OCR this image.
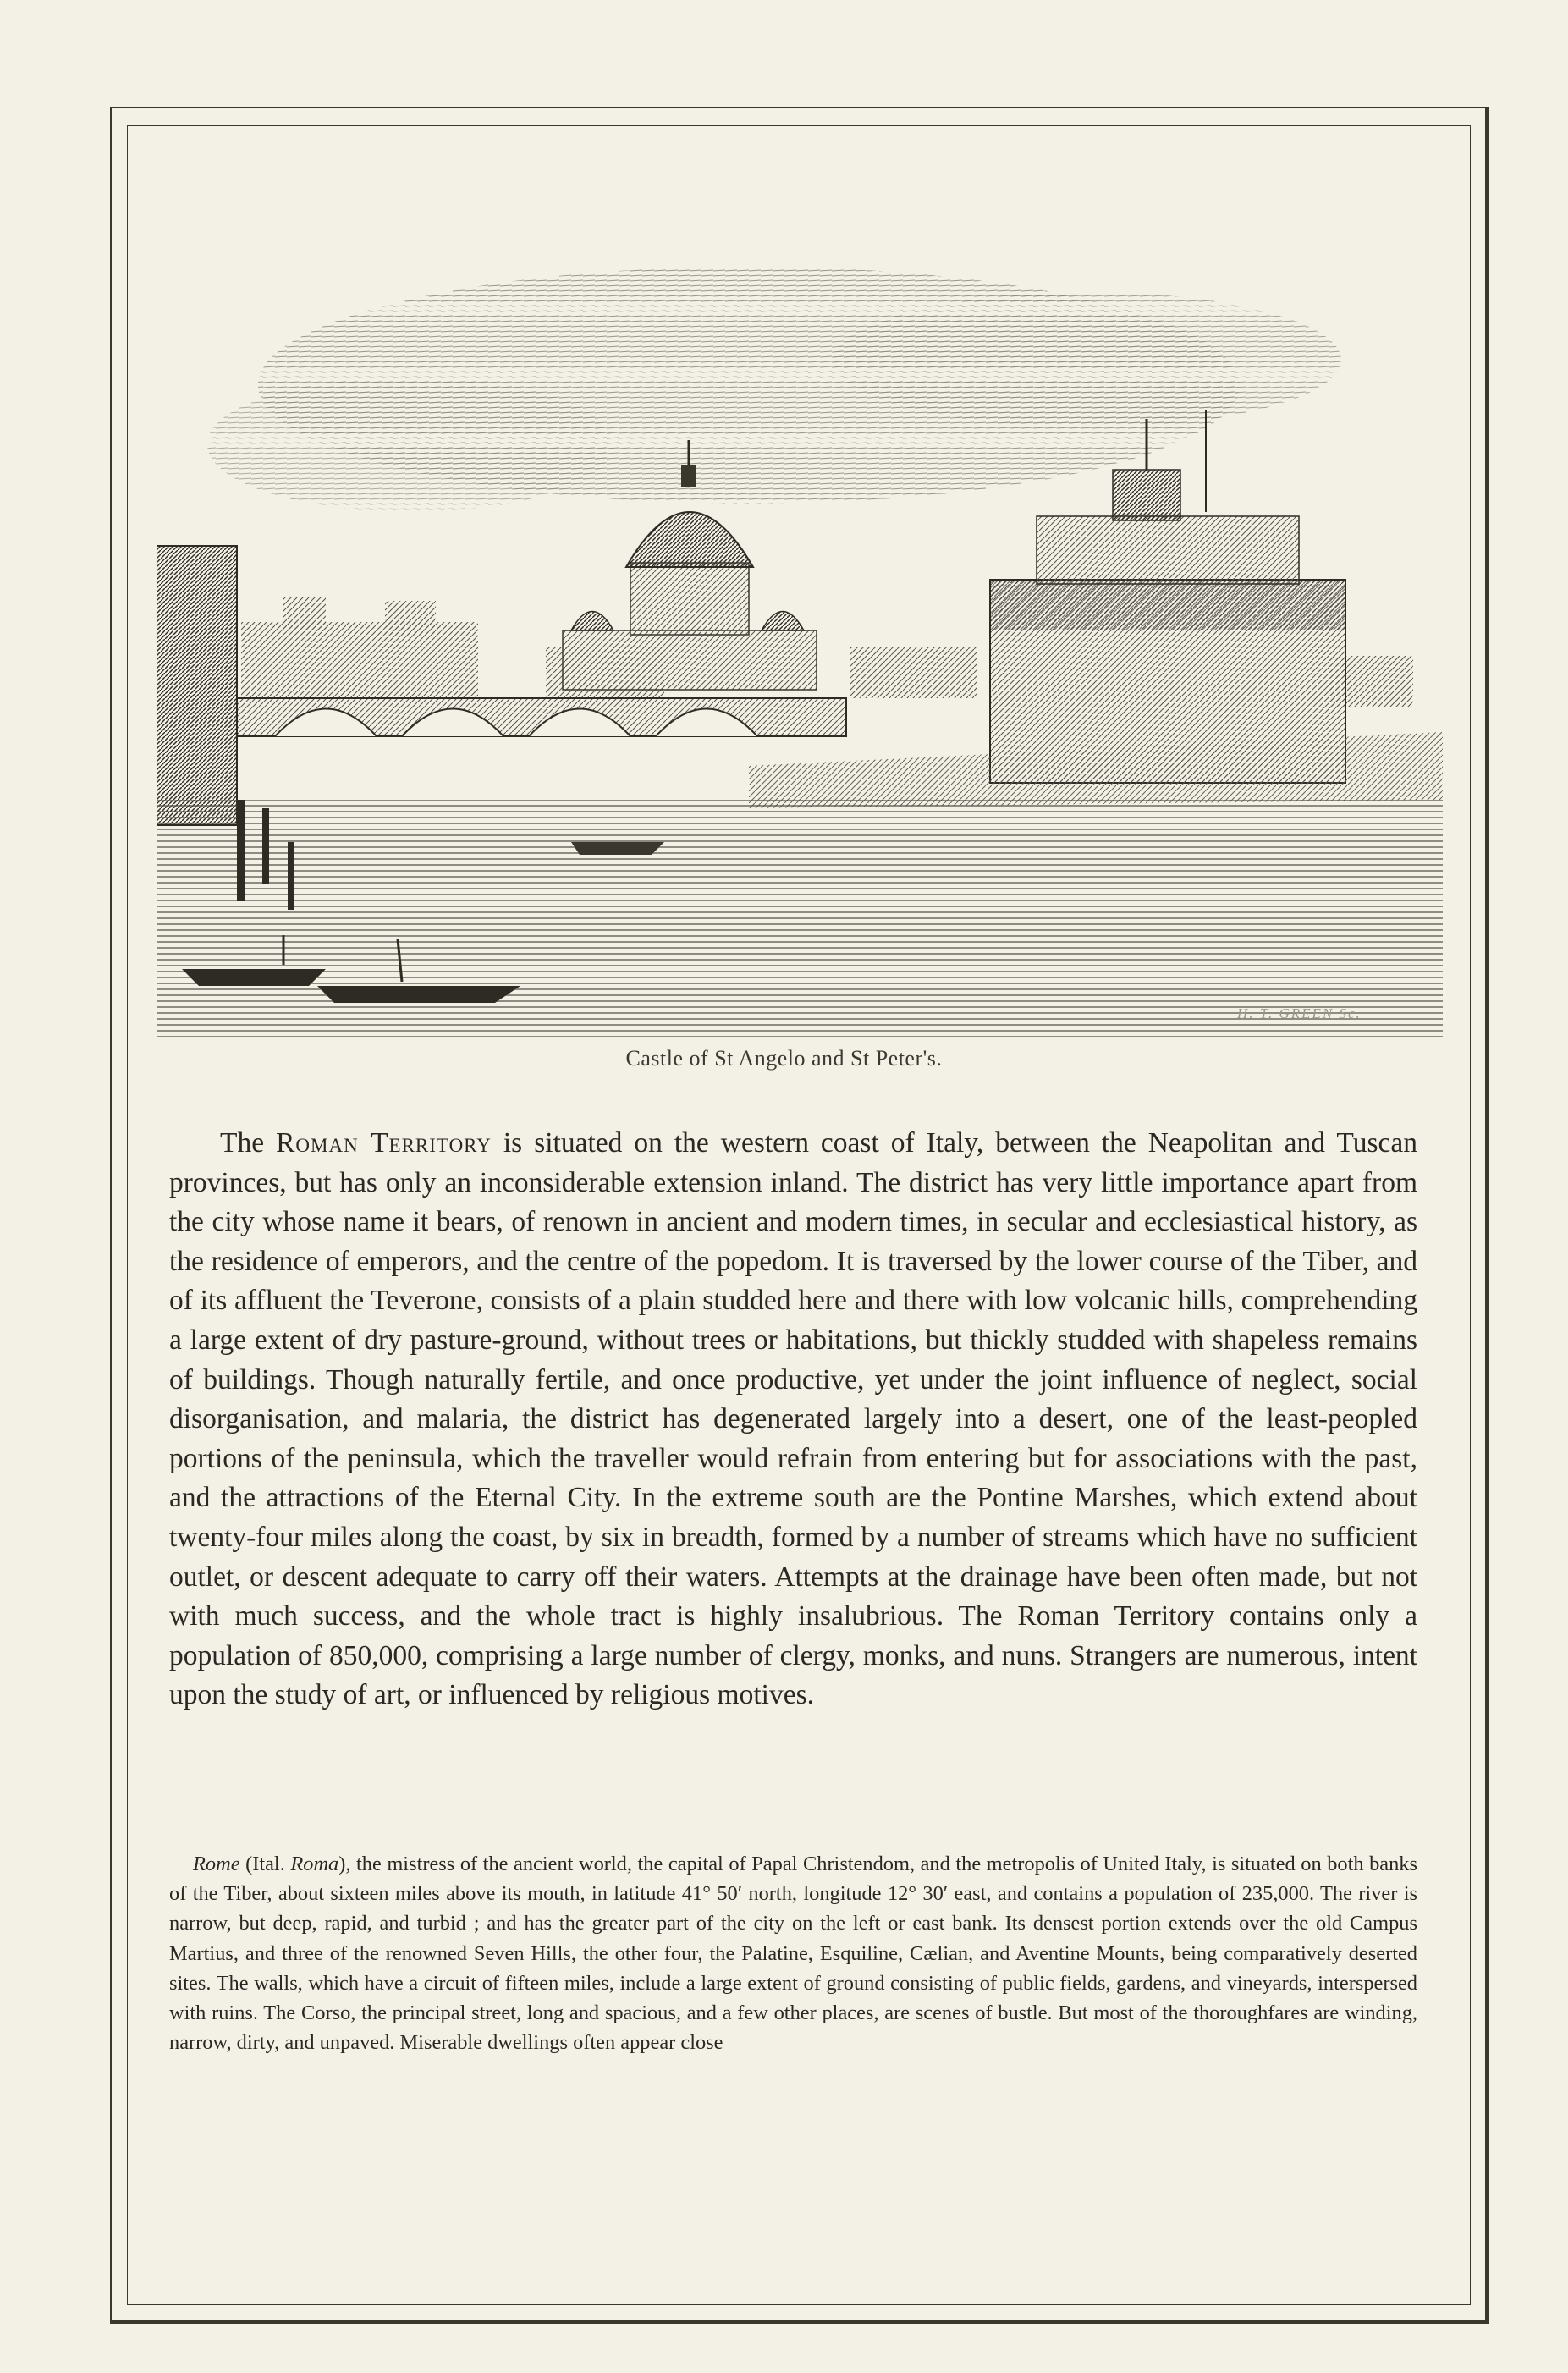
H. T. GREEN Sc.
Castle of St Angelo and St Peter's.

The Roman Territory is situated on the western coast of Italy, between the Neapolitan and Tuscan provinces, but has only an inconsiderable extension inland. The district has very little importance apart from the city whose name it bears, of renown in ancient and modern times, in secular and ecclesiastical history, as the residence of emperors, and the centre of the popedom. It is traversed by the lower course of the Tiber, and of its affluent the Teverone, consists of a plain studded here and there with low volcanic hills, comprehending a large extent of dry pasture-ground, without trees or habitations, but thickly studded with shapeless remains of buildings. Though naturally fertile, and once productive, yet under the joint influence of neglect, social disorganisation, and malaria, the district has degenerated largely into a desert, one of the least-peopled portions of the peninsula, which the traveller would refrain from entering but for associations with the past, and the attractions of the Eternal City. In the extreme south are the Pontine Marshes, which extend about twenty-four miles along the coast, by six in breadth, formed by a number of streams which have no sufficient outlet, or descent adequate to carry off their waters. Attempts at the drainage have been often made, but not with much success, and the whole tract is highly insalubrious. The Roman Territory contains only a population of 850,000, comprising a large number of clergy, monks, and nuns. Strangers are numerous, intent upon the study of art, or influenced by religious motives.

Rome (Ital. Roma), the mistress of the ancient world, the capital of Papal Christendom, and the metropolis of United Italy, is situated on both banks of the Tiber, about sixteen miles above its mouth, in latitude 41° 50′ north, longitude 12° 30′ east, and contains a population of 235,000. The river is narrow, but deep, rapid, and turbid ; and has the greater part of the city on the left or east bank. Its densest portion extends over the old Campus Martius, and three of the renowned Seven Hills, the other four, the Palatine, Esquiline, Cælian, and Aventine Mounts, being comparatively deserted sites. The walls, which have a circuit of fifteen miles, include a large extent of ground consisting of public fields, gardens, and vineyards, interspersed with ruins. The Corso, the principal street, long and spacious, and a few other places, are scenes of bustle. But most of the thoroughfares are winding, narrow, dirty, and unpaved. Miserable dwellings often appear close
